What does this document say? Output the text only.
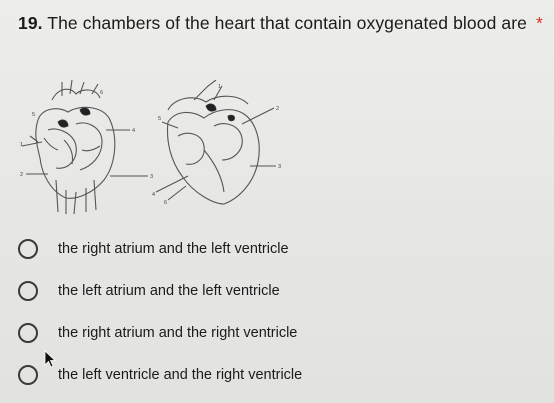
19. The chambers of the heart that contain oxygenated blood are *
1
2	3
4
5
6
1
2
3
4
5
6
the right atrium and the left ventricle
the left atrium and the left ventricle
the right atrium and the right ventricle
the left ventricle and the right ventricle
